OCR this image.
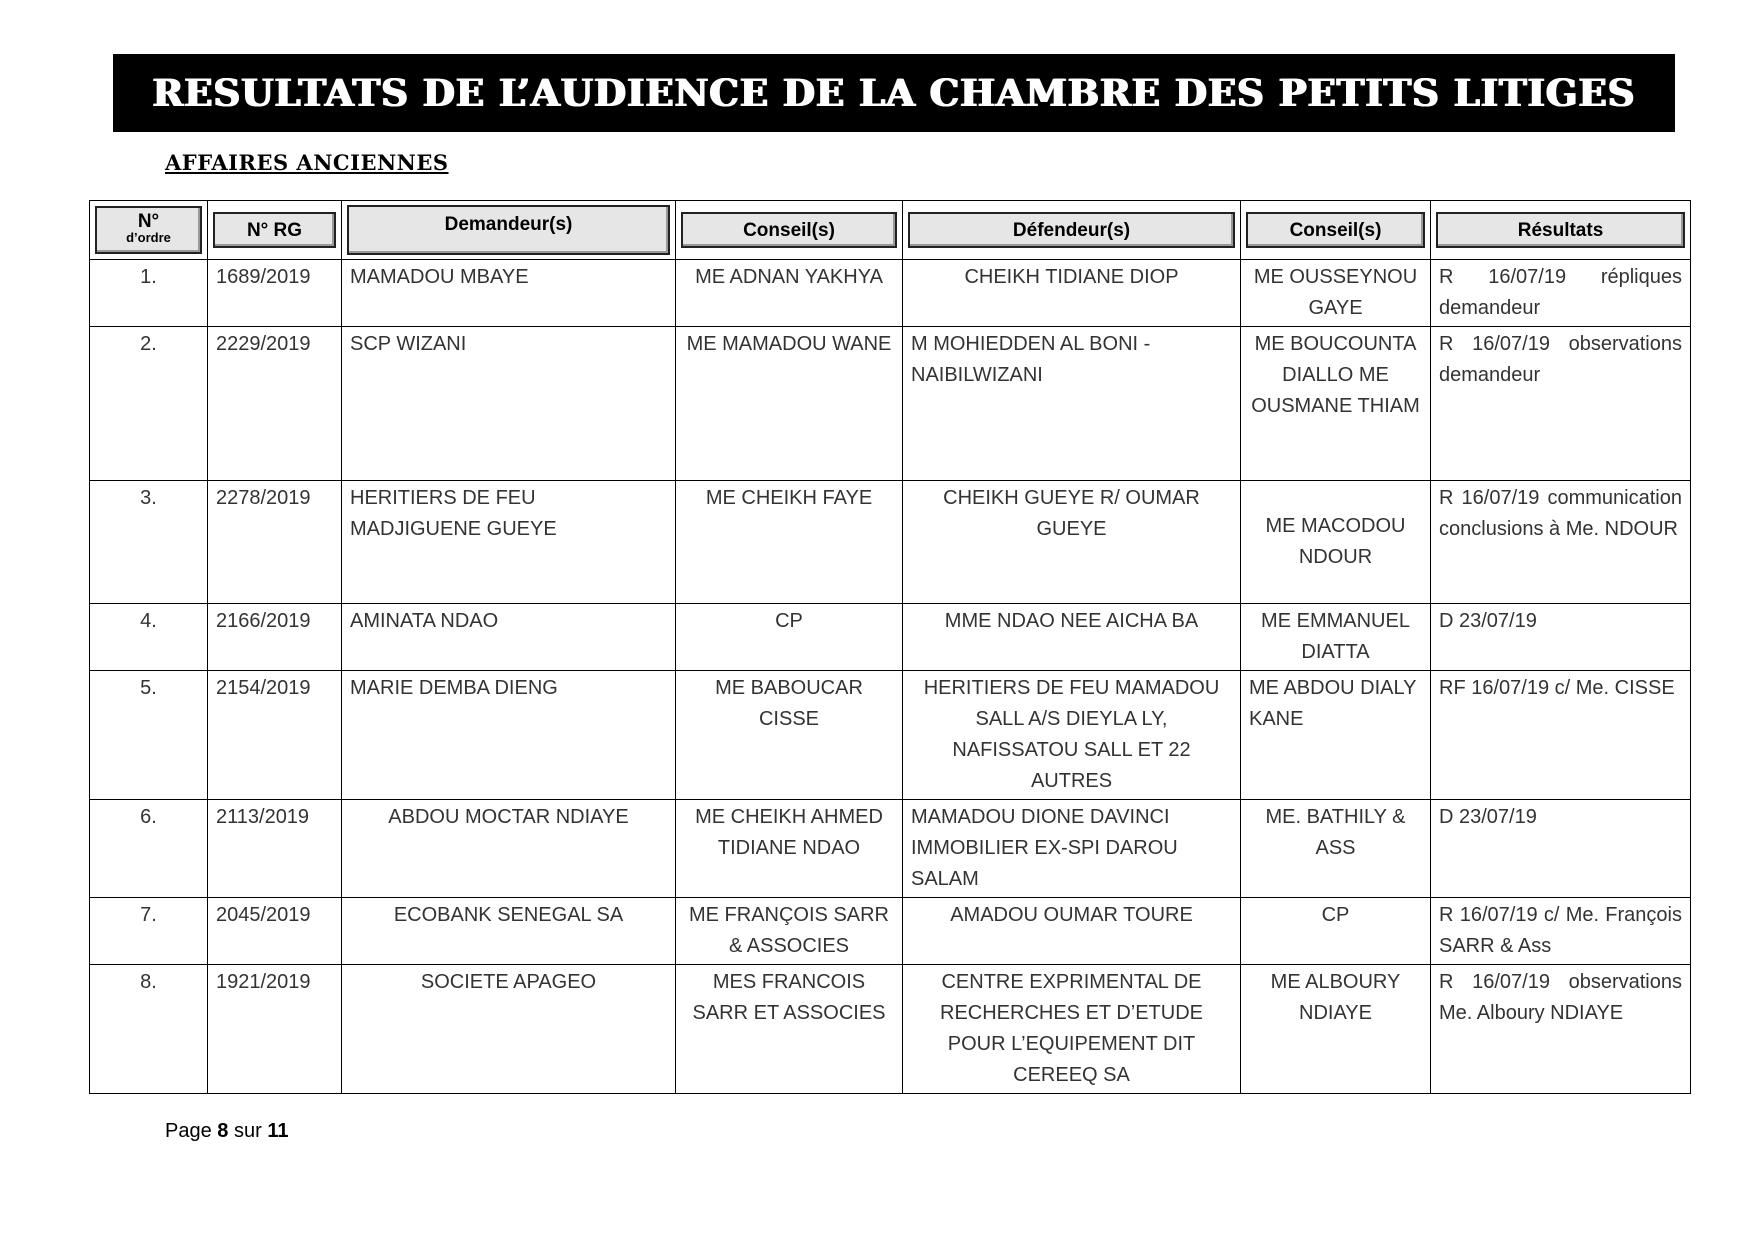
RESULTATS DE L’AUDIENCE DE LA CHAMBRE DES PETITS LITIGES
AFFAIRES ANCIENNES
N°
d’ordre	N° RG	Demandeur(s)	Conseil(s)	Défendeur(s)	Conseil(s)	Résultats

1.	1689/2019	MAMADOU MBAYE	ME ADNAN YAKHYA	CHEIKH TIDIANE DIOP	ME OUSSEYNOU GAYE	R 16/07/19 répliques demandeur
2.	2229/2019	SCP WIZANI	ME MAMADOU WANE	M MOHIEDDEN AL BONI - NAIBILWIZANI	ME BOUCOUNTA DIALLO ME OUSMANE THIAM	R 16/07/19 observations demandeur
3.	2278/2019	HERITIERS DE FEU MADJIGUENE GUEYE	ME CHEIKH FAYE	CHEIKH GUEYE R/ OUMAR GUEYE	ME MACODOU NDOUR	R 16/07/19 communication conclusions à Me. NDOUR
4.	2166/2019	AMINATA NDAO	CP	MME NDAO NEE AICHA BA	ME EMMANUEL DIATTA	D 23/07/19
5.	2154/2019	MARIE DEMBA DIENG	ME BABOUCAR CISSE	HERITIERS DE FEU MAMADOU SALL A/S DIEYLA LY, NAFISSATOU SALL ET 22 AUTRES	ME ABDOU DIALY KANE	RF 16/07/19 c/ Me. CISSE
6.	2113/2019	ABDOU MOCTAR NDIAYE	ME CHEIKH AHMED TIDIANE NDAO	MAMADOU DIONE DAVINCI IMMOBILIER EX-SPI DAROU SALAM	ME. BATHILY & ASS	D 23/07/19
7.	2045/2019	ECOBANK SENEGAL SA	ME FRANÇOIS SARR & ASSOCIES	AMADOU OUMAR TOURE	CP	R 16/07/19 c/ Me. François SARR & Ass
8.	1921/2019	SOCIETE APAGEO	MES FRANCOIS SARR ET ASSOCIES	CENTRE EXPRIMENTAL DE RECHERCHES ET D’ETUDE POUR L’EQUIPEMENT DIT CEREEQ SA	ME ALBOURY NDIAYE	R 16/07/19 observations Me. Alboury NDIAYE
Page 8 sur 11
